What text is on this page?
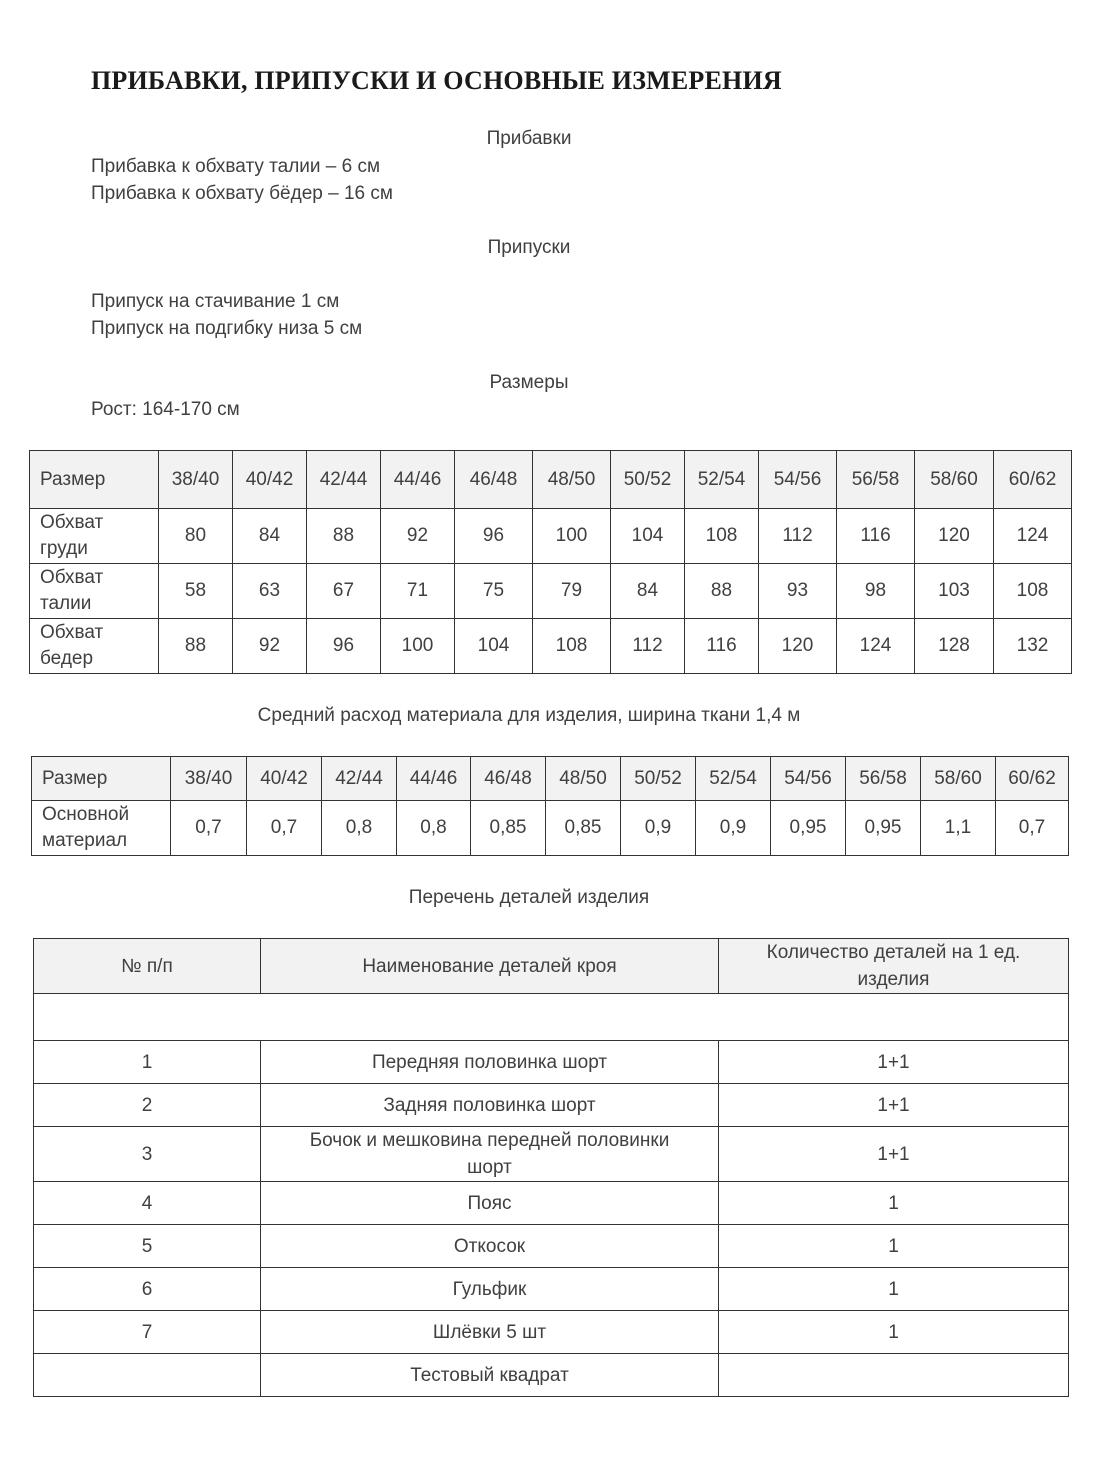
ПРИБАВКИ, ПРИПУСКИ И ОСНОВНЫЕ ИЗМЕРЕНИЯ
Прибавки
Прибавка к обхвату талии – 6 см
Прибавка к обхвату бёдер – 16 см
Припуски
Припуск на стачивание 1 см
Припуск на подгибку низа 5 см
Размеры
Рост: 164-170 см
Размер	38/40	40/42	42/44	44/46	46/48	48/50	50/52	52/54	54/56	56/58	58/60	60/62
Обхват
груди	80	84	88	92	96	100	104	108	112	116	120	124
Обхват
талии	58	63	67	71	75	79	84	88	93	98	103	108
Обхват
бедер	88	92	96	100	104	108	112	116	120	124	128	132
Средний расход материала для изделия, ширина ткани 1,4 м
Размер	38/40	40/42	42/44	44/46	46/48	48/50	50/52	52/54	54/56	56/58	58/60	60/62
Основной
материал	0,7	0,7	0,8	0,8	0,85	0,85	0,9	0,9	0,95	0,95	1,1	0,7
Перечень деталей изделия
№ п/п	Наименование деталей кроя	Количество деталей на 1 ед.
изделия

1	Передняя половинка шорт	1+1
2	Задняя половинка шорт	1+1
3	Бочок и мешковина передней половинки
шорт	1+1
4	Пояс	1
5	Откосок	1
6	Гульфик	1
7	Шлёвки 5 шт	1
	Тестовый квадрат	
